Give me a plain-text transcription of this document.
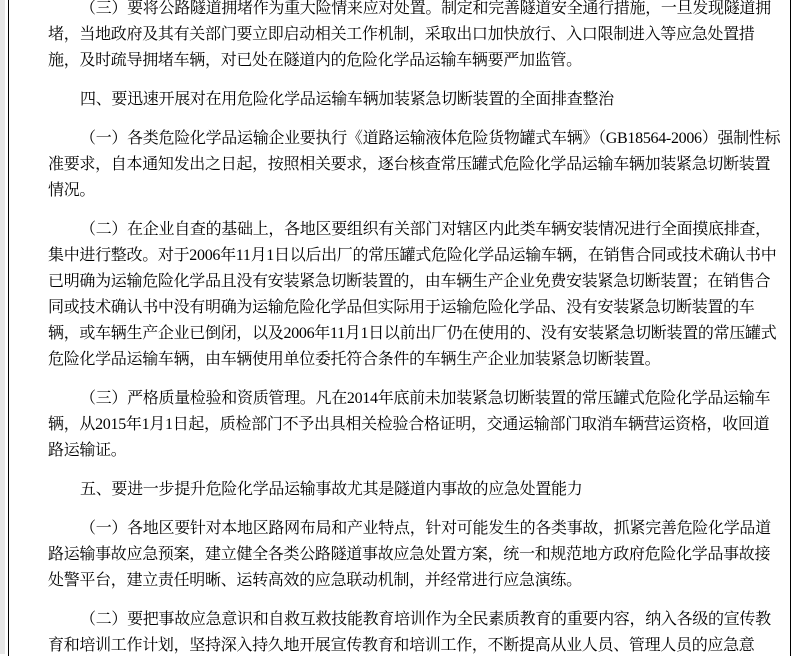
（三）要将公路隧道拥堵作为重大险情来应对处置。制定和完善隧道安全通行措施，一旦发现隧道拥堵，当地政府及其有关部门要立即启动相关工作机制，采取出口加快放行、入口限制进入等应急处置措施，及时疏导拥堵车辆，对已处在隧道内的危险化学品运输车辆要严加监管。

四、要迅速开展对在用危险化学品运输车辆加装紧急切断装置的全面排查整治

（一）各类危险化学品运输企业要执行《道路运输液体危险货物罐式车辆》（GB18564-2006）强制性标准要求，自本通知发出之日起，按照相关要求，逐台核查常压罐式危险化学品运输车辆加装紧急切断装置情况。

（二）在企业自查的基础上，各地区要组织有关部门对辖区内此类车辆安装情况进行全面摸底排查，集中进行整改。对于2006年11月1日以后出厂的常压罐式危险化学品运输车辆，在销售合同或技术确认书中已明确为运输危险化学品且没有安装紧急切断装置的，由车辆生产企业免费安装紧急切断装置；在销售合同或技术确认书中没有明确为运输危险化学品但实际用于运输危险化学品、没有安装紧急切断装置的车辆，或车辆生产企业已倒闭，以及2006年11月1日以前出厂仍在使用的、没有安装紧急切断装置的常压罐式危险化学品运输车辆，由车辆使用单位委托符合条件的车辆生产企业加装紧急切断装置。

（三）严格质量检验和资质管理。凡在2014年底前未加装紧急切断装置的常压罐式危险化学品运输车辆，从2015年1月1日起，质检部门不予出具相关检验合格证明，交通运输部门取消车辆营运资格，收回道路运输证。

五、要进一步提升危险化学品运输事故尤其是隧道内事故的应急处置能力

（一）各地区要针对本地区路网布局和产业特点，针对可能发生的各类事故，抓紧完善危险化学品道路运输事故应急预案，建立健全各类公路隧道事故应急处置方案，统一和规范地方政府危险化学品事故接处警平台，建立责任明晰、运转高效的应急联动机制，并经常进行应急演练。

（二）要把事故应急意识和自救互救技能教育培训作为全民素质教育的重要内容，纳入各级的宣传教育和培训工作计划，坚持深入持久地开展宣传教育和培训工作，不断提高从业人员、管理人员的应急意
